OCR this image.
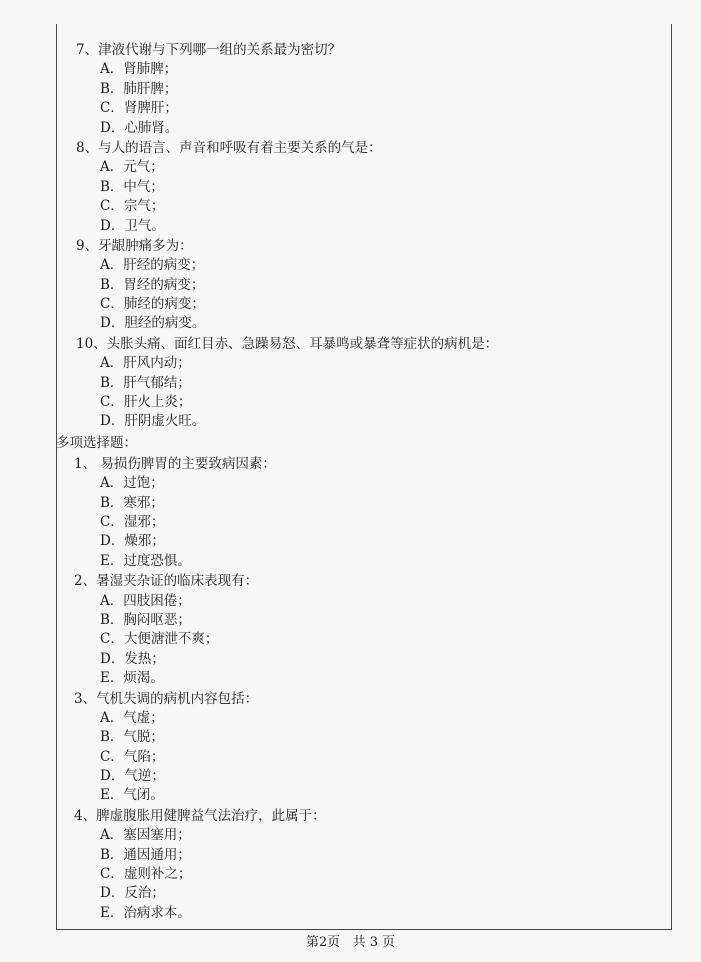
7、津液代谢与下列哪一组的关系最为密切？
A．肾肺脾；
B．肺肝脾；
C．肾脾肝；
D．心肺肾。
8、与人的语言、声音和呼吸有着主要关系的气是：
A．元气；
B．中气；
C．宗气；
D．卫气。
9、牙龈肿痛多为：
A．肝经的病变；
B．胃经的病变；
C．肺经的病变；
D．胆经的病变。
10、头胀头痛、面红目赤、急躁易怒、耳暴鸣或暴聋等症状的病机是：
A．肝风内动；
B．肝气郁结；
C．肝火上炎；
D．肝阴虚火旺。
多项选择题：
1、 易损伤脾胃的主要致病因素：
A．过饱；
B．寒邪；
C．湿邪；
D．燥邪；
E．过度恐惧。
2、暑湿夹杂证的临床表现有：
A．四肢困倦；
B．胸闷呕恶；
C．大便溏泄不爽；
D．发热；
E．烦渴。
3、气机失调的病机内容包括：
A．气虚；
B．气脱；
C．气陷；
D．气逆；
E．气闭。
4、脾虚腹胀用健脾益气法治疗，此属于：
A．塞因塞用；
B．通因通用；
C．虚则补之；
D．反治；
E．治病求本。
第2页   共 3 页
